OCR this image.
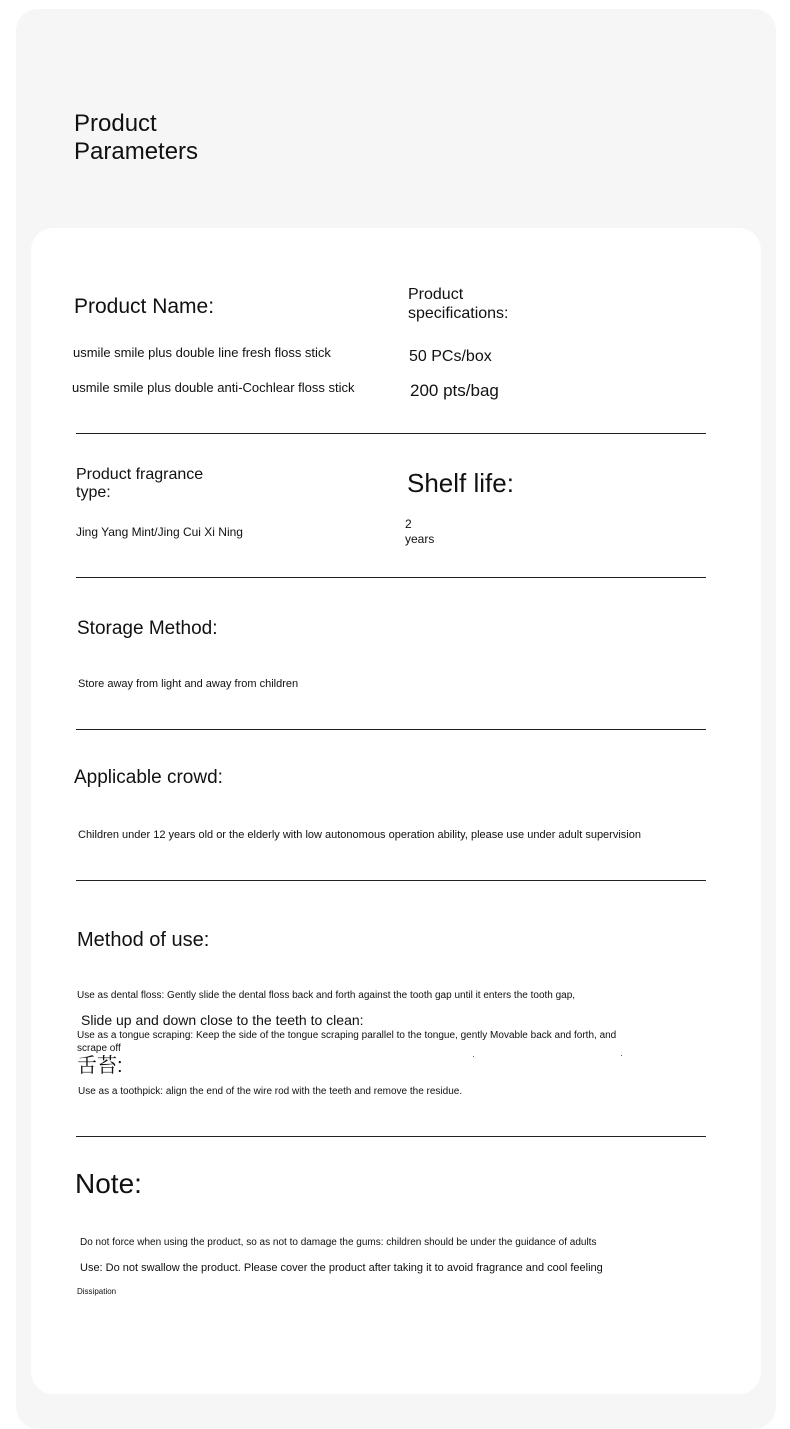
Product
Parameters
Product Name:
usmile smile plus double line fresh floss stick
usmile smile plus double anti-Cochlear floss stick
Product
specifications:
50 PCs/box
200 pts/bag
Product fragrance
type:
Jing Yang Mint/Jing Cui Xi Ning
Shelf life:
2
years
Storage Method:
Store away from light and away from children
Applicable crowd:
Children under 12 years old or the elderly with low autonomous operation ability, please use under adult supervision
Method of use:
Use as dental floss: Gently slide the dental floss back and forth against the tooth gap until it enters the tooth gap,
Slide up and down close to the teeth to clean:
Use as a tongue scraping: Keep the side of the tongue scraping parallel to the tongue, gently Movable back and forth, and
scrape off
舌苔:
Use as a toothpick: align the end of the wire rod with the teeth and remove the residue.
Note:
Do not force when using the product, so as not to damage the gums: children should be under the guidance of adults
Use: Do not swallow the product. Please cover the product after taking it to avoid fragrance and cool feeling
Dissipation
